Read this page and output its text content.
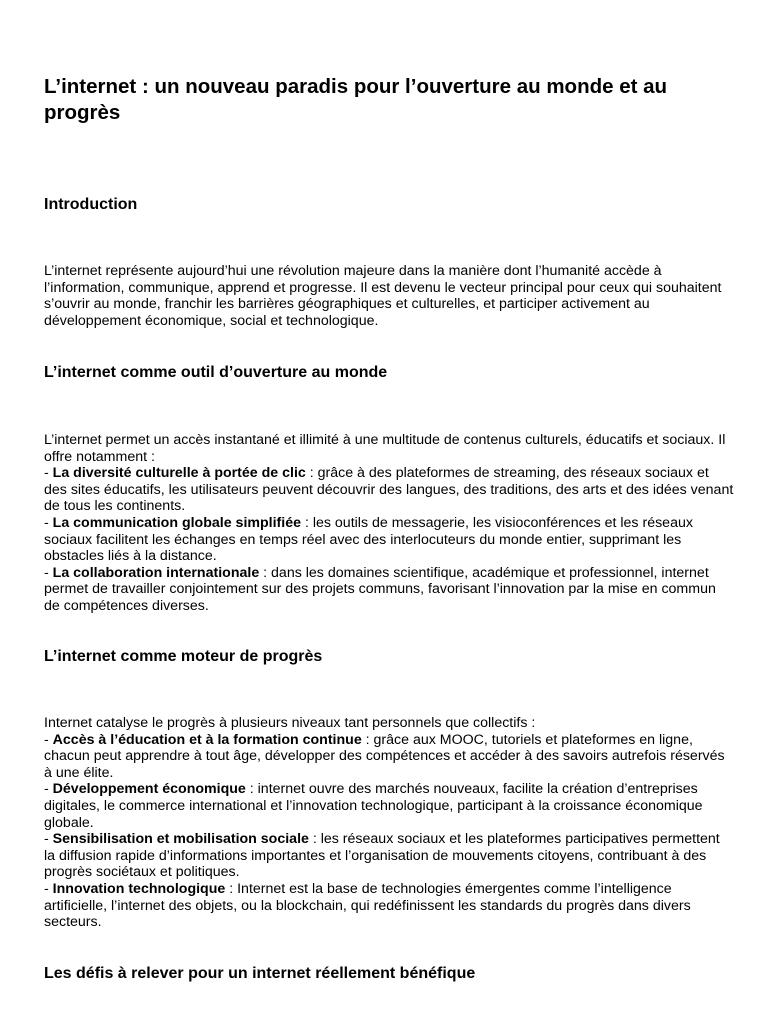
L’internet : un nouveau paradis pour l’ouverture au monde et au progrès
Introduction

L’internet représente aujourd’hui une révolution majeure dans la manière dont l’humanité accède à l’information, communique, apprend et progresse. Il est devenu le vecteur principal pour ceux qui souhaitent s’ouvrir au monde, franchir les barrières géographiques et culturelles, et participer activement au développement économique, social et technologique.

L’internet comme outil d’ouverture au monde
L’internet permet un accès instantané et illimité à une multitude de contenus culturels, éducatifs et sociaux. Il offre notamment :
- La diversité culturelle à portée de clic : grâce à des plateformes de streaming, des réseaux sociaux et des sites éducatifs, les utilisateurs peuvent découvrir des langues, des traditions, des arts et des idées venant de tous les continents.
- La communication globale simplifiée : les outils de messagerie, les visioconférences et les réseaux sociaux facilitent les échanges en temps réel avec des interlocuteurs du monde entier, supprimant les obstacles liés à la distance.
- La collaboration internationale : dans les domaines scientifique, académique et professionnel, internet permet de travailler conjointement sur des projets communs, favorisant l’innovation par la mise en commun de compétences diverses.
L’internet comme moteur de progrès
Internet catalyse le progrès à plusieurs niveaux tant personnels que collectifs :
- Accès à l’éducation et à la formation continue : grâce aux MOOC, tutoriels et plateformes en ligne, chacun peut apprendre à tout âge, développer des compétences et accéder à des savoirs autrefois réservés à une élite.
- Développement économique : internet ouvre des marchés nouveaux, facilite la création d’entreprises digitales, le commerce international et l’innovation technologique, participant à la croissance économique globale.
- Sensibilisation et mobilisation sociale : les réseaux sociaux et les plateformes participatives permettent la diffusion rapide d’informations importantes et l’organisation de mouvements citoyens, contribuant à des progrès sociétaux et politiques.
- Innovation technologique : Internet est la base de technologies émergentes comme l’intelligence artificielle, l’internet des objets, ou la blockchain, qui redéfinissent les standards du progrès dans divers secteurs.
Les défis à relever pour un internet réellement bénéfique
